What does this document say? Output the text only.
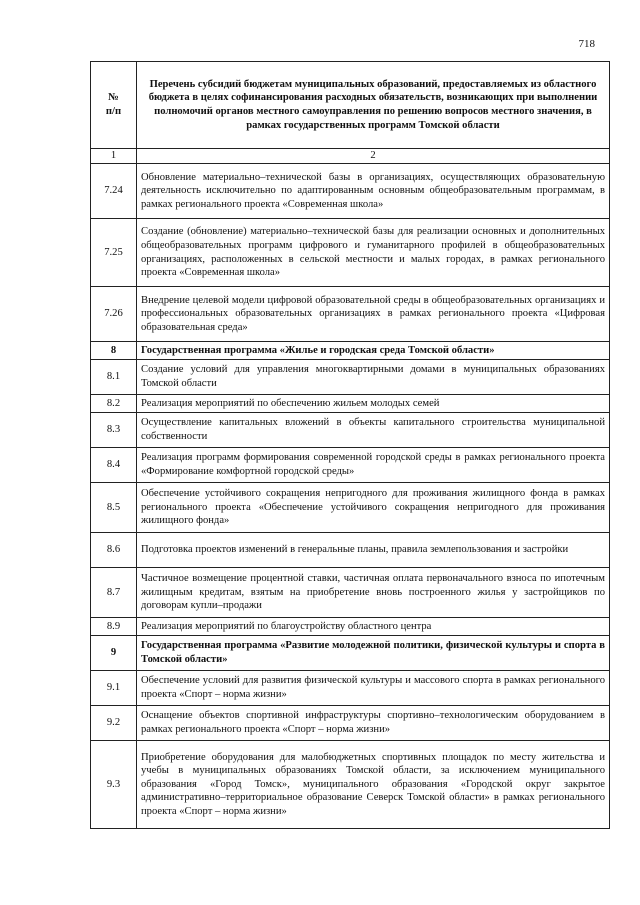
718
№
п/п	Перечень субсидий бюджетам муниципальных образований, предоставляемых из областного бюджета в целях софинансирования расходных обязательств, возникающих при выполнении полномочий органов местного самоуправления по решению вопросов местного значения, в рамках государственных программ Томской области
1	2
7.24	Обновление материально–технической базы в организациях, осуществляющих образовательную деятельность исключительно по адаптированным основным общеобразовательным программам, в рамках регионального проекта «Современная школа»
7.25	Создание (обновление) материально–технической базы для реализации основных и дополнительных общеобразовательных программ цифрового и гуманитарного профилей в общеобразовательных организациях, расположенных в сельской местности и малых городах, в рамках регионального проекта «Современная школа»
7.26	Внедрение целевой модели цифровой образовательной среды в общеобразовательных организациях и профессиональных образовательных организациях в рамках регионального проекта «Цифровая образовательная среда»
8	Государственная программа «Жилье и городская среда Томской области»
8.1	Создание условий для управления многоквартирными домами в муниципальных образованиях Томской области
8.2	Реализация мероприятий по обеспечению жильем молодых семей
8.3	Осуществление капитальных вложений в объекты капитального строительства муниципальной собственности
8.4	Реализация программ формирования современной городской среды в рамках регионального проекта «Формирование комфортной городской среды»
8.5	Обеспечение устойчивого сокращения непригодного для проживания жилищного фонда в рамках регионального проекта «Обеспечение устойчивого сокращения непригодного для проживания жилищного фонда»
8.6	Подготовка проектов изменений в генеральные планы, правила землепользования и застройки
8.7	Частичное возмещение процентной ставки, частичная оплата первоначального взноса по ипотечным жилищным кредитам, взятым на приобретение вновь построенного жилья у застройщиков по договорам купли–продажи
8.9	Реализация мероприятий по благоустройству областного центра
9	Государственная программа «Развитие молодежной политики, физической культуры и спорта в Томской области»
9.1	Обеспечение условий для развития физической культуры и массового спорта в рамках регионального проекта «Спорт – норма жизни»
9.2	Оснащение объектов спортивной инфраструктуры спортивно–технологическим оборудованием в рамках регионального проекта «Спорт – норма жизни»
9.3	Приобретение оборудования для малобюджетных спортивных площадок по месту жительства и учебы в муниципальных образованиях Томской области, за исключением муниципального образования «Город Томск», муниципального образования «Городской округ закрытое административно–территориальное образование Северск Томской области» в рамках регионального проекта «Спорт – норма жизни»
